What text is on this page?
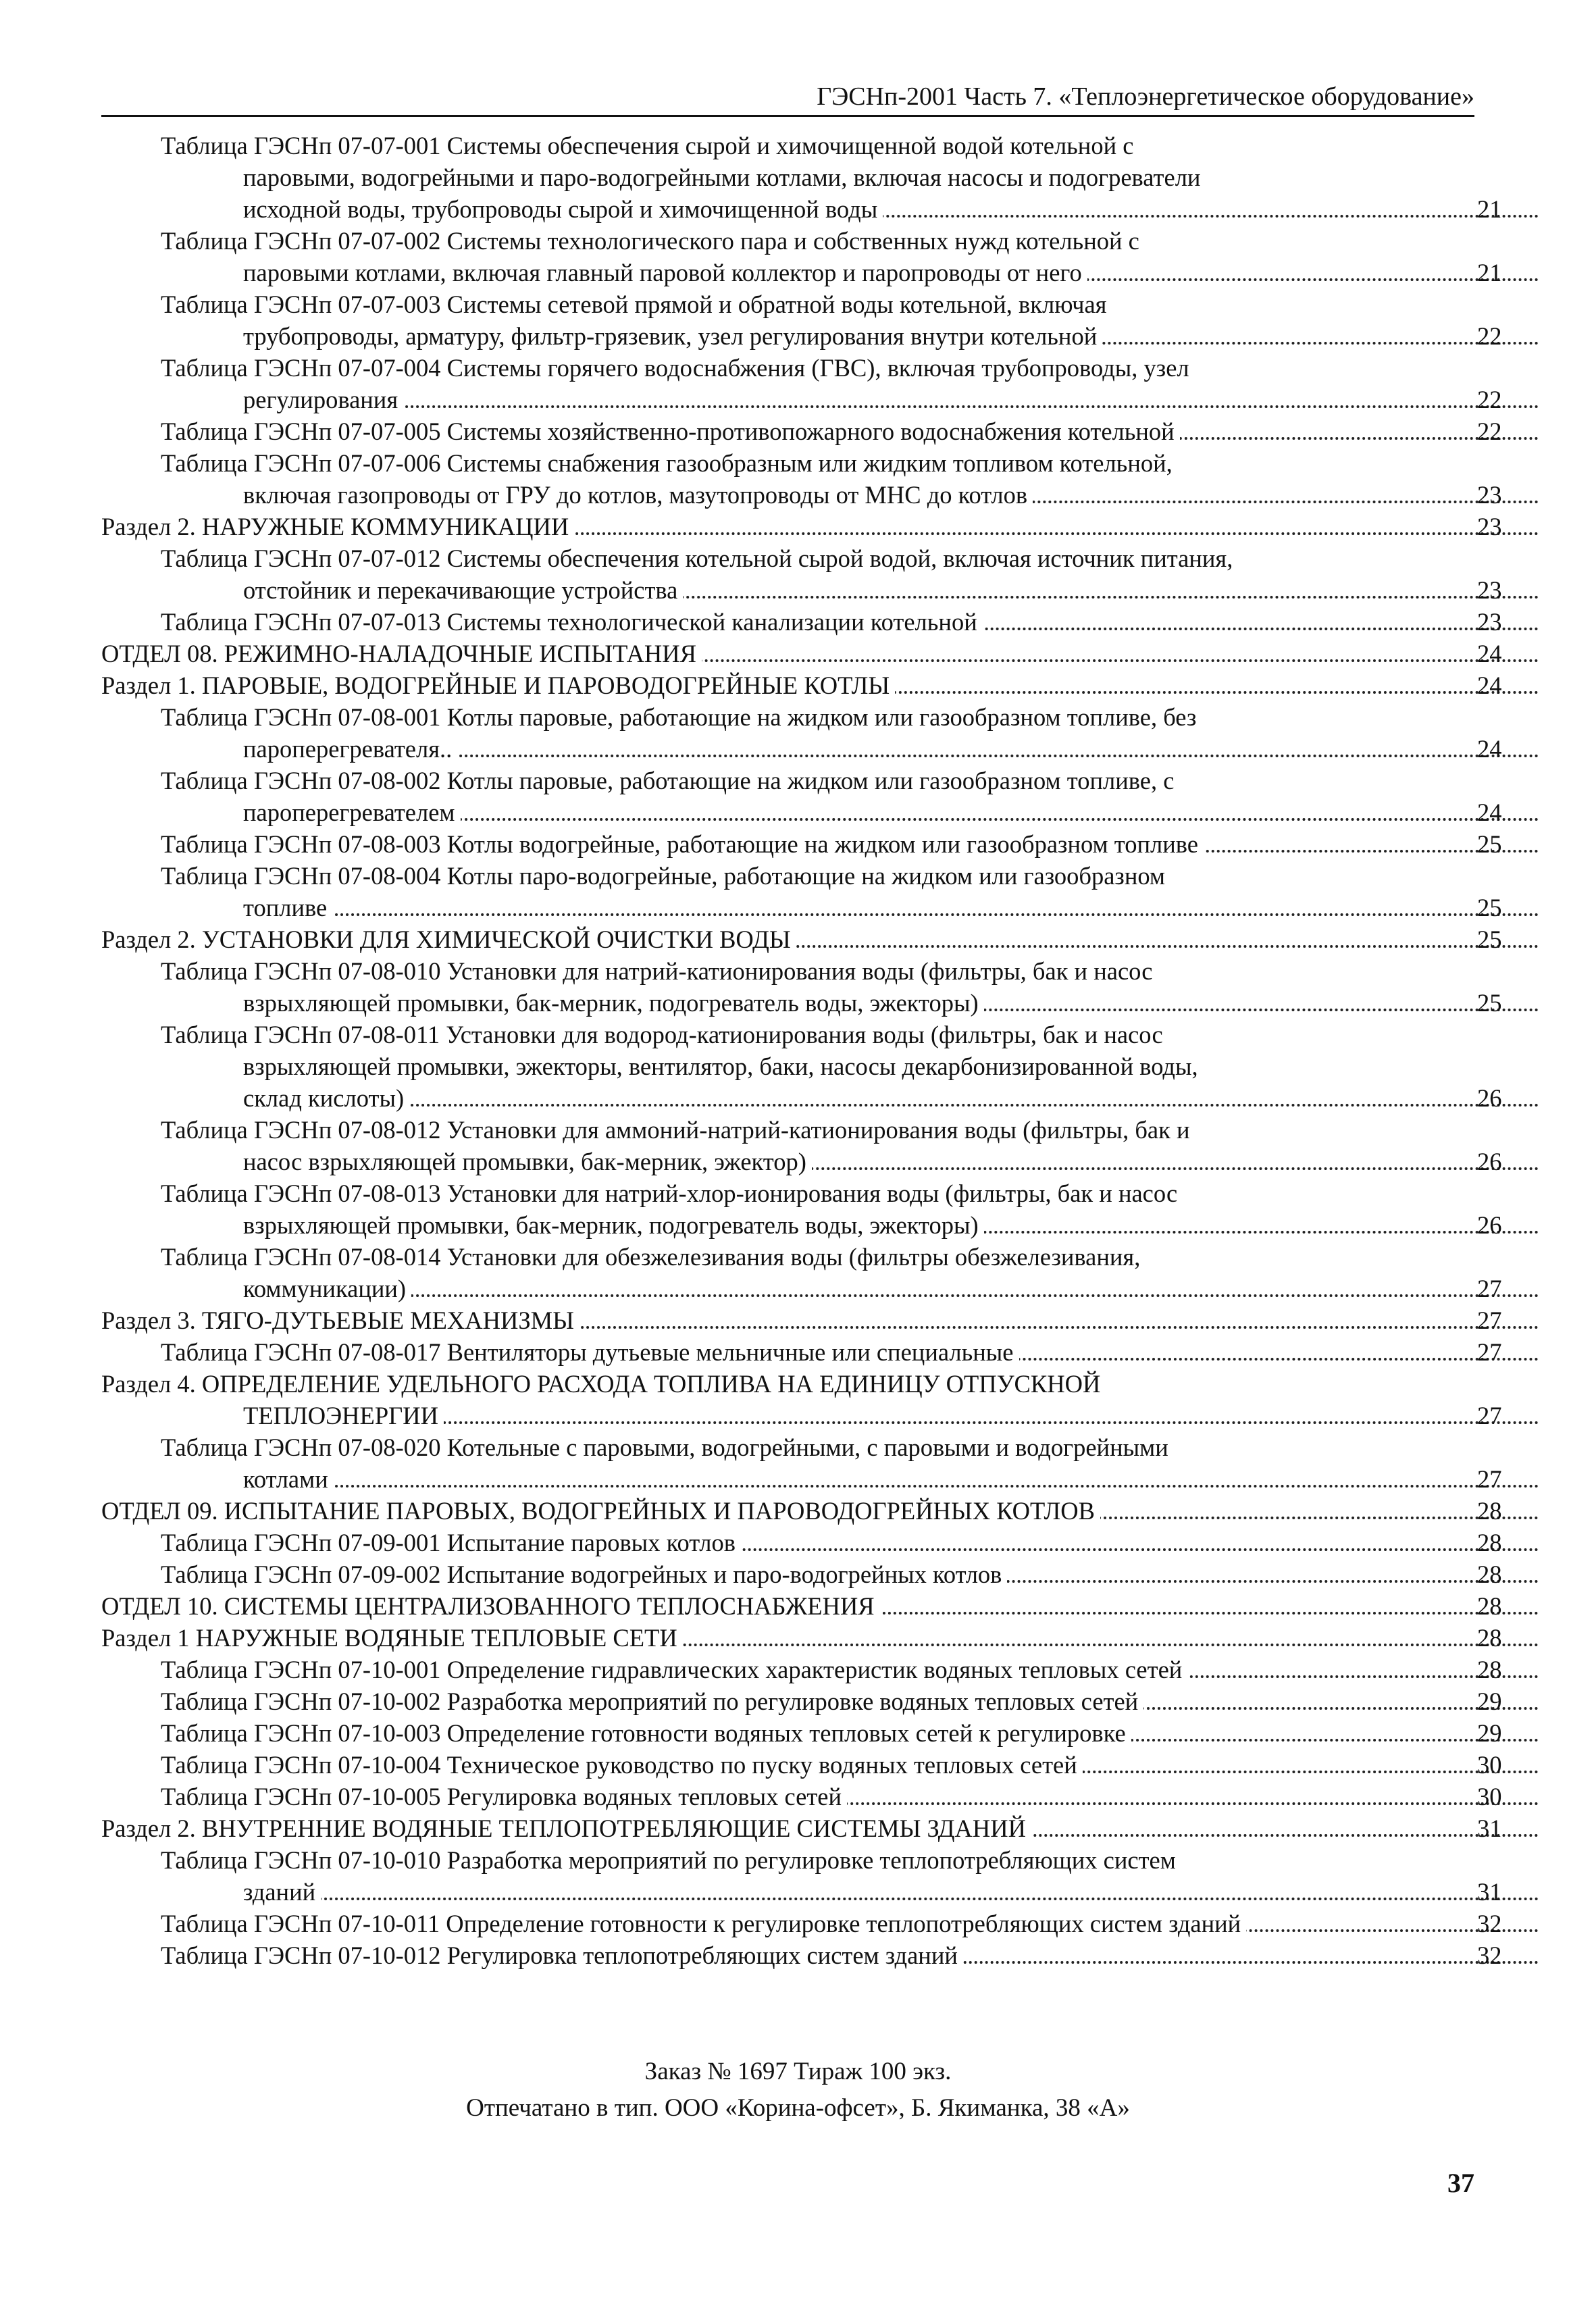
ГЭСНп-2001 Часть 7. «Теплоэнергетическое оборудование»
Таблица ГЭСНп 07-07-001 Системы обеспечения сырой и химочищенной водой котельной с
паровыми, водогрейными и паро-водогрейными котлами, включая насосы и подогреватели
исходной воды, трубопроводы сырой и химочищенной воды	21
Таблица ГЭСНп 07-07-002 Системы технологического пара и собственных нужд котельной с
паровыми котлами, включая главный паровой коллектор и паропроводы от него	21
Таблица ГЭСНп 07-07-003 Системы сетевой прямой и обратной воды котельной, включая
трубопроводы, арматуру, фильтр-грязевик, узел регулирования внутри котельной	22
Таблица ГЭСНп 07-07-004 Системы горячего водоснабжения (ГВС), включая трубопроводы, узел
регулирования	22
Таблица ГЭСНп 07-07-005 Системы хозяйственно-противопожарного водоснабжения котельной	22
Таблица ГЭСНп 07-07-006 Системы снабжения газообразным или жидким топливом котельной,
включая газопроводы от ГРУ до котлов, мазутопроводы от МНС до котлов	23
Раздел 2. НАРУЖНЫЕ КОММУНИКАЦИИ	23
Таблица ГЭСНп 07-07-012 Системы обеспечения котельной сырой водой, включая источник питания,
отстойник и перекачивающие устройства	23
Таблица ГЭСНп 07-07-013 Системы технологической канализации котельной	23
ОТДЕЛ 08. РЕЖИМНО-НАЛАДОЧНЫЕ ИСПЫТАНИЯ	24
Раздел 1. ПАРОВЫЕ, ВОДОГРЕЙНЫЕ И ПАРОВОДОГРЕЙНЫЕ КОТЛЫ	24
Таблица ГЭСНп 07-08-001 Котлы паровые, работающие на жидком или газообразном топливе, без
пароперегревателя..	24
Таблица ГЭСНп 07-08-002 Котлы паровые, работающие на жидком или газообразном топливе, с
пароперегревателем	24
Таблица ГЭСНп 07-08-003 Котлы водогрейные, работающие на жидком или газообразном топливе	25
Таблица ГЭСНп 07-08-004 Котлы паро-водогрейные, работающие на жидком или газообразном
топливе	25
Раздел 2. УСТАНОВКИ ДЛЯ ХИМИЧЕСКОЙ ОЧИСТКИ ВОДЫ	25
Таблица ГЭСНп 07-08-010 Установки для натрий-катионирования воды (фильтры, бак и насос
взрыхляющей промывки, бак-мерник, подогреватель воды, эжекторы)	25
Таблица ГЭСНп 07-08-011 Установки для водород-катионирования воды (фильтры, бак и насос
взрыхляющей промывки, эжекторы, вентилятор, баки, насосы декарбонизированной воды,
склад кислоты)	26
Таблица ГЭСНп 07-08-012 Установки для аммоний-натрий-катионирования воды (фильтры, бак и
насос взрыхляющей промывки, бак-мерник, эжектор)	26
Таблица ГЭСНп 07-08-013 Установки для натрий-хлор-ионирования воды (фильтры, бак и насос
взрыхляющей промывки, бак-мерник, подогреватель воды, эжекторы)	26
Таблица ГЭСНп 07-08-014 Установки для обезжелезивания воды (фильтры обезжелезивания,
коммуникации)	27
Раздел 3. ТЯГО-ДУТЬЕВЫЕ МЕХАНИЗМЫ	27
Таблица ГЭСНп 07-08-017 Вентиляторы дутьевые мельничные или специальные	27
Раздел 4. ОПРЕДЕЛЕНИЕ УДЕЛЬНОГО РАСХОДА ТОПЛИВА НА ЕДИНИЦУ ОТПУСКНОЙ
ТЕПЛОЭНЕРГИИ	27
Таблица ГЭСНп 07-08-020 Котельные с паровыми, водогрейными, с паровыми и водогрейными
котлами	27
ОТДЕЛ 09. ИСПЫТАНИЕ ПАРОВЫХ, ВОДОГРЕЙНЫХ И ПАРОВОДОГРЕЙНЫХ КОТЛОВ	28
Таблица ГЭСНп 07-09-001 Испытание паровых котлов	28
Таблица ГЭСНп 07-09-002 Испытание водогрейных и паро-водогрейных котлов	28
ОТДЕЛ 10. СИСТЕМЫ ЦЕНТРАЛИЗОВАННОГО ТЕПЛОСНАБЖЕНИЯ	28
Раздел 1 НАРУЖНЫЕ ВОДЯНЫЕ ТЕПЛОВЫЕ СЕТИ	28
Таблица ГЭСНп 07-10-001 Определение гидравлических характеристик водяных тепловых сетей	28
Таблица ГЭСНп 07-10-002 Разработка мероприятий по регулировке водяных тепловых сетей	29
Таблица ГЭСНп 07-10-003 Определение готовности водяных тепловых сетей к регулировке	29
Таблица ГЭСНп 07-10-004 Техническое руководство по пуску водяных тепловых сетей	30
Таблица ГЭСНп 07-10-005 Регулировка водяных тепловых сетей	30
Раздел 2. ВНУТРЕННИЕ ВОДЯНЫЕ ТЕПЛОПОТРЕБЛЯЮЩИЕ СИСТЕМЫ ЗДАНИЙ	31
Таблица ГЭСНп 07-10-010 Разработка мероприятий по регулировке теплопотребляющих систем
зданий	31
Таблица ГЭСНп 07-10-011 Определение готовности к регулировке теплопотребляющих систем зданий	32
Таблица ГЭСНп 07-10-012 Регулировка теплопотребляющих систем зданий	32
Заказ № 1697 Тираж 100 экз.
Отпечатано в тип. ООО «Корина-офсет», Б. Якиманка, 38 «А»
37
